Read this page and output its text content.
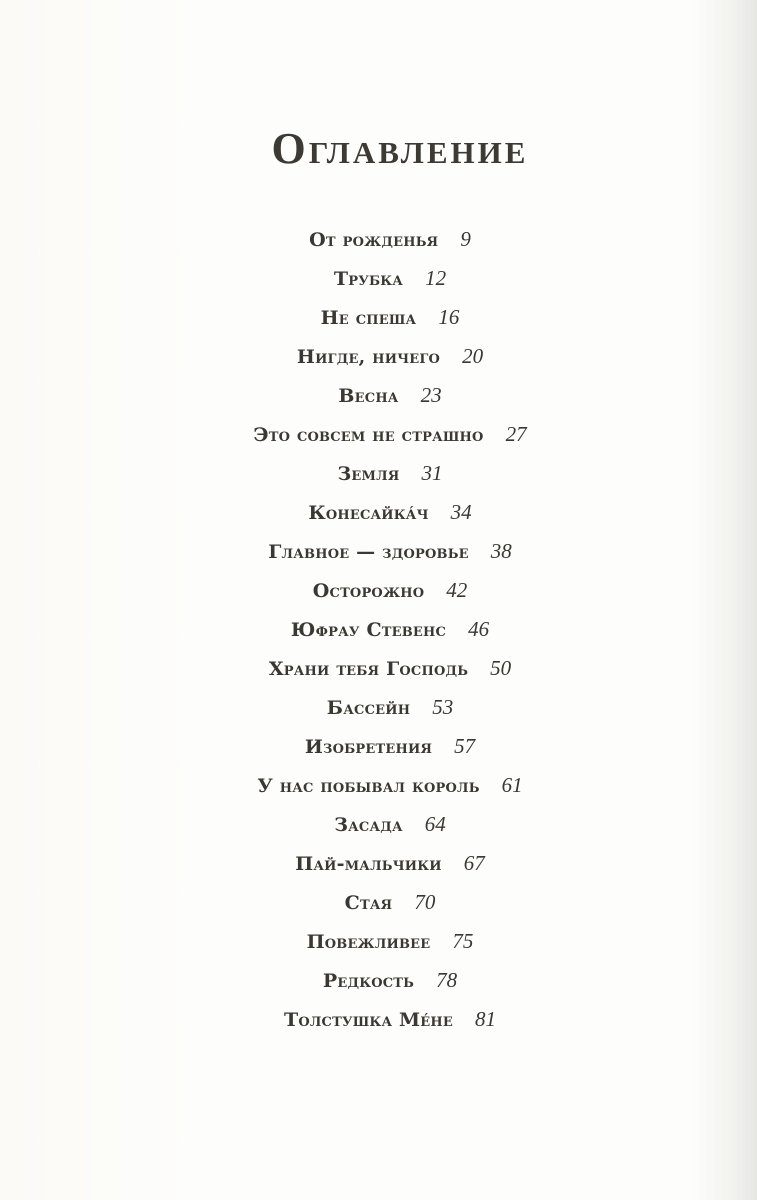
Оглавление
От рожденья 9
Трубка 12
Не спеша 16
Нигде, ничего 20
Весна 23
Это совсем не страшно 27
Земля 31
Конесайка́ч 34
Главное — здоровье 38
Осторожно 42
Юфрау Стевенс 46
Храни тебя Господь 50
Бассейн 53
Изобретения 57
У нас побывал король 61
Засада 64
Пай-мальчики 67
Стая 70
Повежливее 75
Редкость 78
Толстушка Ме́не 81
